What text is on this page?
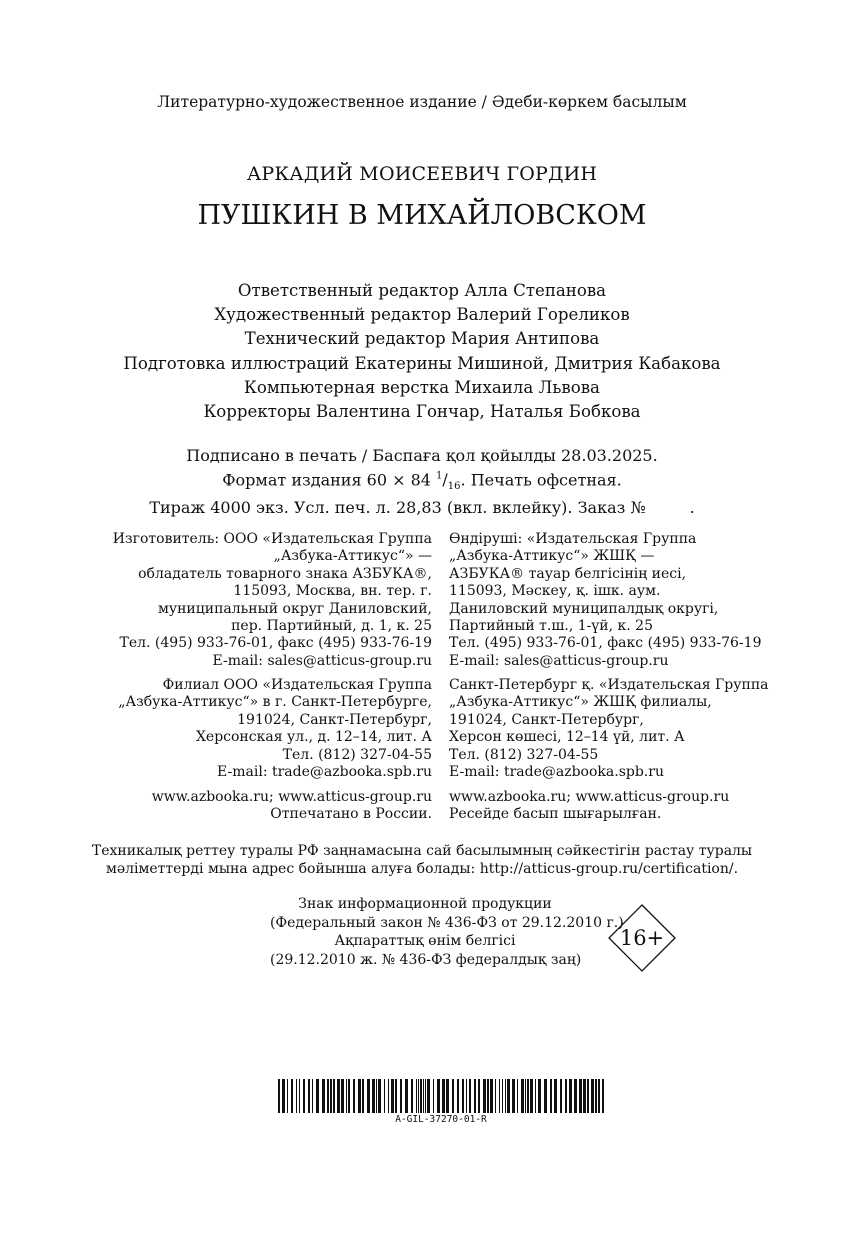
Литературно-художественное издание / Әдеби-көркем басылым
АРКАДИЙ МОИСЕЕВИЧ ГОРДИН
ПУШКИН В МИХАЙЛОВСКОМ
Ответственный редактор Алла Степанова
Художественный редактор Валерий Гореликов
Технический редактор Мария Антипова
Подготовка иллюстраций Екатерины Мишиной, Дмитрия Кабакова
Компьютерная верстка Михаила Львова
Корректоры Валентина Гончар, Наталья Бобкова
Подписано в печать / Баспаға қол қойылды 28.03.2025.
Формат издания 60 × 84 $^1/_{16}$. Печать офсетная.
Тираж 4000 экз. Усл. печ. л. 28,83 (вкл. вклейку). Заказ №	.
Изготовитель: ООО «Издательская Группа
„Азбука-Аттикус“» —
обладатель товарного знака АЗБУКА®,
115093, Москва, вн. тер. г.
муниципальный округ Даниловский,
пер. Партийный, д. 1, к. 25
Тел. (495) 933-76-01, факс (495) 933-76-19
E-mail: sales@atticus-group.ru
Өндіруші: «Издательская Группа
„Азбука-Аттикус“» ЖШҚ —
АЗБУКА® тауар белгісінің иесі,
115093, Мәскеу, қ. ішк. аум.
Даниловский муниципалдық округі,
Партийный т.ш., 1-үй, к. 25
Тел. (495) 933-76-01, факс (495) 933-76-19
E-mail: sales@atticus-group.ru
Филиал ООО «Издательская Группа
„Азбука-Аттикус“» в г. Санкт-Петербурге,
191024, Санкт-Петербург,
Херсонская ул., д. 12–14, лит. А
Тел. (812) 327-04-55
E-mail: trade@azbooka.spb.ru
Санкт-Петербург қ. «Издательская Группа
„Азбука-Аттикус“» ЖШҚ филиалы,
191024, Санкт-Петербург,
Херсон көшесі, 12–14 үй, лит. А
Тел. (812) 327-04-55
E-mail: trade@azbooka.spb.ru
www.azbooka.ru; www.atticus-group.ru
Отпечатано в России.
www.azbooka.ru; www.atticus-group.ru
Ресейде басып шығарылған.
Техникалық реттеу туралы РФ заңнамасына сай басылымның сәйкестігін растау туралы
мәліметтерді мына адрес бойынша алуға болады: http://atticus-group.ru/certification/.
Знак информационной продукции
(Федеральный закон № 436-ФЗ от 29.12.2010 г.)
Ақпараттық өнім белгісі
(29.12.2010 ж. № 436-ФЗ федералдық заң)
16+
A-GIL-37270-01-R
